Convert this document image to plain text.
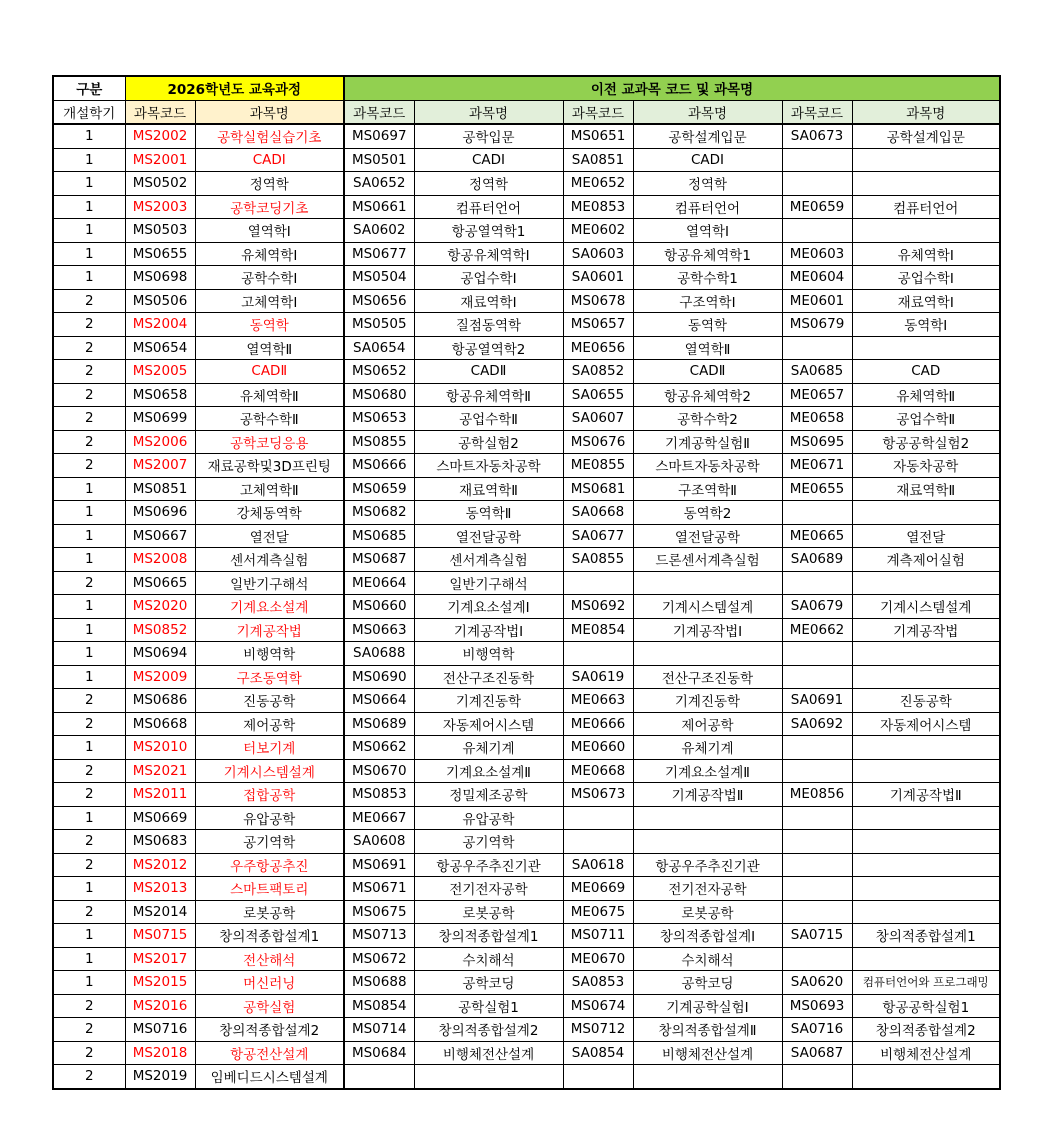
구분	2026학년도 교육과정		이전 교과목 코드 및 과목명					
개설학기	과목코드	과목명	과목코드	과목명	과목코드	과목명	과목코드	과목명
1	MS2002	공학실험실습기초	MS0697	공학입문	MS0651	공학설계입문	SA0673	공학설계입문
1	MS2001	CADⅠ	MS0501	CADⅠ	SA0851	CADⅠ		
1	MS0502	정역학	SA0652	정역학	ME0652	정역학		
1	MS2003	공학코딩기초	MS0661	컴퓨터언어	ME0853	컴퓨터언어	ME0659	컴퓨터언어
1	MS0503	열역학Ⅰ	SA0602	항공열역학1	ME0602	열역학Ⅰ		
1	MS0655	유체역학Ⅰ	MS0677	항공유체역학Ⅰ	SA0603	항공유체역학1	ME0603	유체역학Ⅰ
1	MS0698	공학수학Ⅰ	MS0504	공업수학Ⅰ	SA0601	공학수학1	ME0604	공업수학Ⅰ
2	MS0506	고체역학Ⅰ	MS0656	재료역학Ⅰ	MS0678	구조역학Ⅰ	ME0601	재료역학Ⅰ
2	MS2004	동역학	MS0505	질점동역학	MS0657	동역학	MS0679	동역학Ⅰ
2	MS0654	열역학Ⅱ	SA0654	항공열역학2	ME0656	열역학Ⅱ		
2	MS2005	CADⅡ	MS0652	CADⅡ	SA0852	CADⅡ	SA0685	CAD
2	MS0658	유체역학Ⅱ	MS0680	항공유체역학Ⅱ	SA0655	항공유체역학2	ME0657	유체역학Ⅱ
2	MS0699	공학수학Ⅱ	MS0653	공업수학Ⅱ	SA0607	공학수학2	ME0658	공업수학Ⅱ
2	MS2006	공학코딩응용	MS0855	공학실험2	MS0676	기계공학실험Ⅱ	MS0695	항공공학실험2
2	MS2007	재료공학및3D프린팅	MS0666	스마트자동차공학	ME0855	스마트자동차공학	ME0671	자동차공학
1	MS0851	고체역학Ⅱ	MS0659	재료역학Ⅱ	MS0681	구조역학Ⅱ	ME0655	재료역학Ⅱ
1	MS0696	강체동역학	MS0682	동역학Ⅱ	SA0668	동역학2		
1	MS0667	열전달	MS0685	열전달공학	SA0677	열전달공학	ME0665	열전달
1	MS2008	센서계측실험	MS0687	센서계측실험	SA0855	드론센서계측실험	SA0689	계측제어실험
2	MS0665	일반기구해석	ME0664	일반기구해석				
1	MS2020	기계요소설계	MS0660	기계요소설계Ⅰ	MS0692	기계시스템설계	SA0679	기계시스템설계
1	MS0852	기계공작법	MS0663	기계공작법Ⅰ	ME0854	기계공작법Ⅰ	ME0662	기계공작법
1	MS0694	비행역학	SA0688	비행역학				
1	MS2009	구조동역학	MS0690	전산구조진동학	SA0619	전산구조진동학		
2	MS0686	진동공학	MS0664	기계진동학	ME0663	기계진동학	SA0691	진동공학
2	MS0668	제어공학	MS0689	자동제어시스템	ME0666	제어공학	SA0692	자동제어시스템
1	MS2010	터보기계	MS0662	유체기계	ME0660	유체기계		
2	MS2021	기계시스템설계	MS0670	기계요소설계Ⅱ	ME0668	기계요소설계Ⅱ		
2	MS2011	접합공학	MS0853	정밀제조공학	MS0673	기계공작법Ⅱ	ME0856	기계공작법Ⅱ
1	MS0669	유압공학	ME0667	유압공학				
2	MS0683	공기역학	SA0608	공기역학				
2	MS2012	우주항공추진	MS0691	항공우주추진기관	SA0618	항공우주추진기관		
1	MS2013	스마트팩토리	MS0671	전기전자공학	ME0669	전기전자공학		
2	MS2014	로봇공학	MS0675	로봇공학	ME0675	로봇공학		
1	MS0715	창의적종합설계1	MS0713	창의적종합설계1	MS0711	창의적종합설계Ⅰ	SA0715	창의적종합설계1
1	MS2017	전산해석	MS0672	수치해석	ME0670	수치해석		
1	MS2015	머신러닝	MS0688	공학코딩	SA0853	공학코딩	SA0620	컴퓨터언어와 프로그래밍
2	MS2016	공학실험	MS0854	공학실험1	MS0674	기계공학실험Ⅰ	MS0693	항공공학실험1
2	MS0716	창의적종합설계2	MS0714	창의적종합설계2	MS0712	창의적종합설계Ⅱ	SA0716	창의적종합설계2
2	MS2018	항공전산설계	MS0684	비행체전산설계	SA0854	비행체전산설계	SA0687	비행체전산설계
2	MS2019	임베디드시스템설계						
